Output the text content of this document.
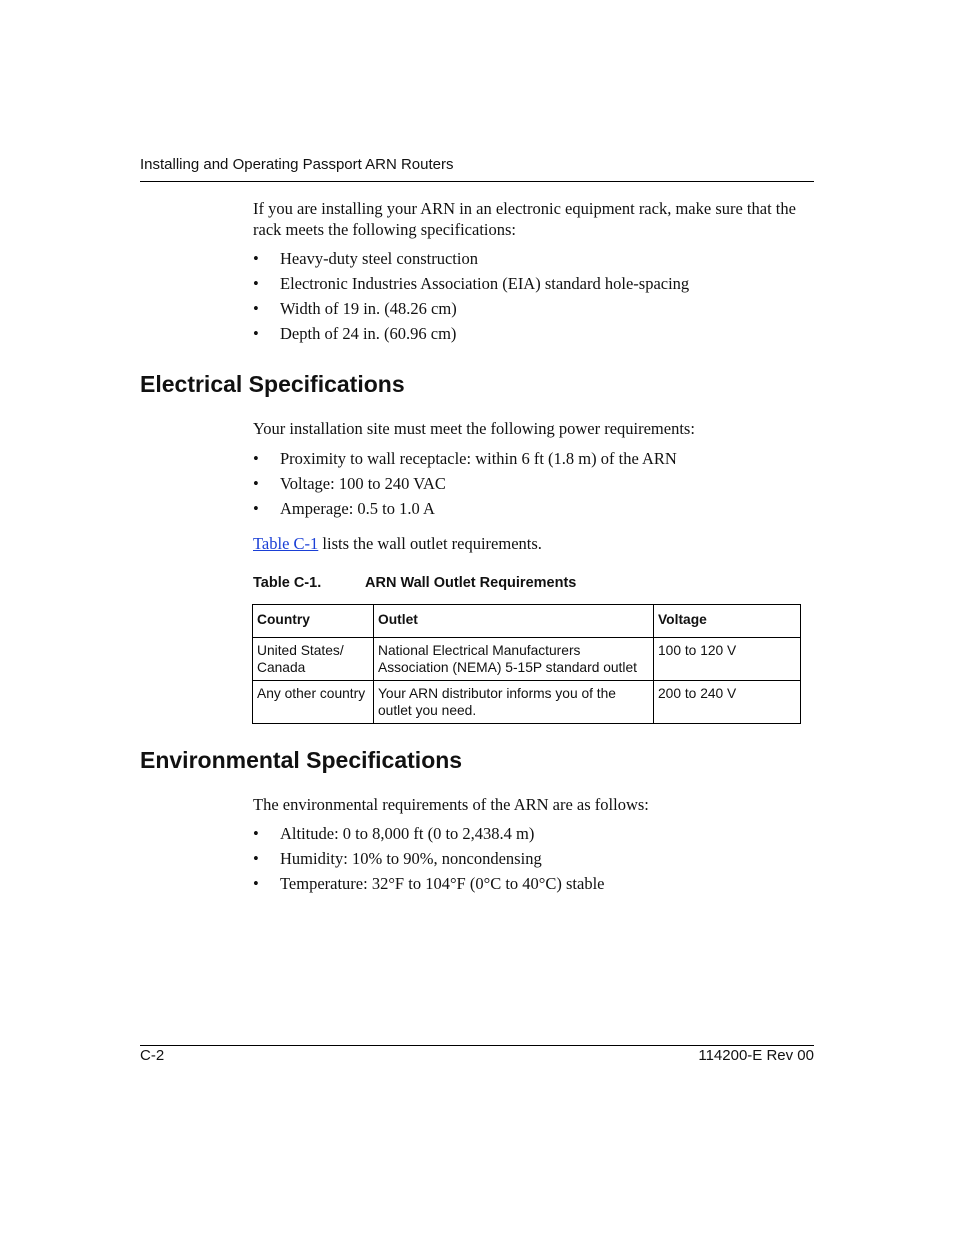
Installing and Operating Passport ARN Routers

If you are installing your ARN in an electronic equipment rack, make sure that the rack meets the following specifications:

• Heavy-duty steel construction
• Electronic Industries Association (EIA) standard hole-spacing
• Width of 19 in. (48.26 cm)
• Depth of 24 in. (60.96 cm)
Electrical Specifications

Your installation site must meet the following power requirements:

• Proximity to wall receptacle: within 6 ft (1.8 m) of the ARN
• Voltage: 100 to 240 VAC
• Amperage: 0.5 to 1.0 A

Table C-1 lists the wall outlet requirements.

Table C-1.	ARN Wall Outlet Requirements
Country	Outlet	Voltage
United States/ Canada	National Electrical Manufacturers Association (NEMA) 5-15P standard outlet	100 to 120 V
Any other country	Your ARN distributor informs you of the outlet you need.	200 to 240 V
Environmental Specifications

The environmental requirements of the ARN are as follows:

• Altitude: 0 to 8,000 ft (0 to 2,438.4 m)
• Humidity: 10% to 90%, noncondensing
• Temperature: 32°F to 104°F (0°C to 40°C) stable
C-2	114200-E Rev 00
